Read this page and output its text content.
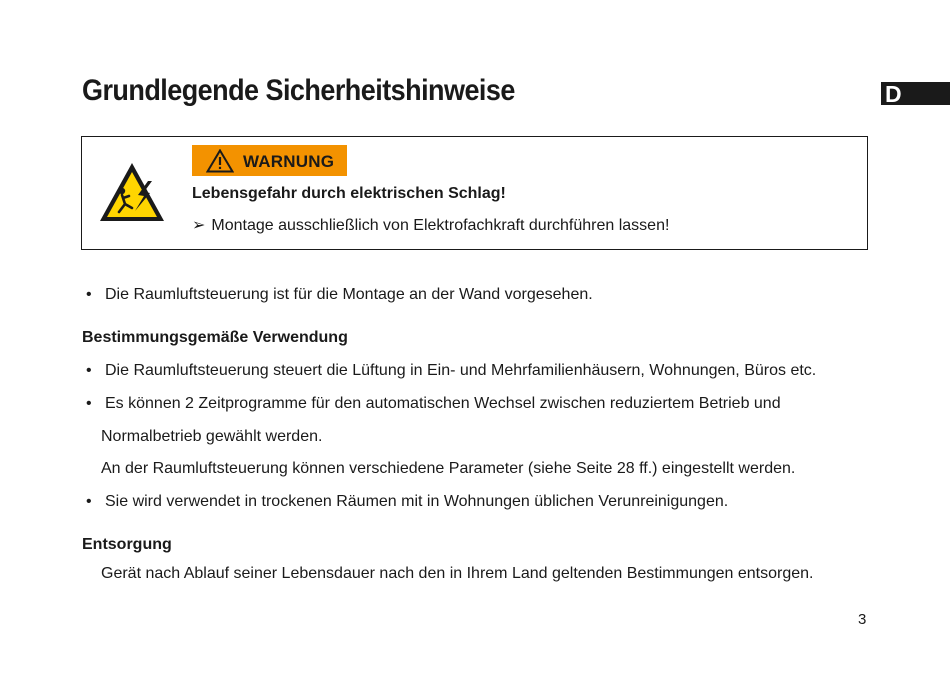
Grundlegende Sicherheitshinweise	D
WARNUNG
Lebensgefahr durch elektrischen Schlag!
➢ Montage ausschließlich von Elektrofachkraft durchführen lassen!
• Die Raumluftsteuerung ist für die Montage an der Wand vorgesehen.
Bestimmungsgemäße Verwendung
• Die Raumluftsteuerung steuert die Lüftung in Ein- und Mehrfamilienhäusern, Wohnungen, Büros etc.
• Es können 2 Zeitprogramme für den automatischen Wechsel zwischen reduziertem Betrieb und
Normalbetrieb gewählt werden.
An der Raumluftsteuerung können verschiedene Parameter (siehe Seite 28 ff.) eingestellt werden.
• Sie wird verwendet in trockenen Räumen mit in Wohnungen üblichen Verunreinigungen.
Entsorgung
Gerät nach Ablauf seiner Lebensdauer nach den in Ihrem Land geltenden Bestimmungen entsorgen.
3
